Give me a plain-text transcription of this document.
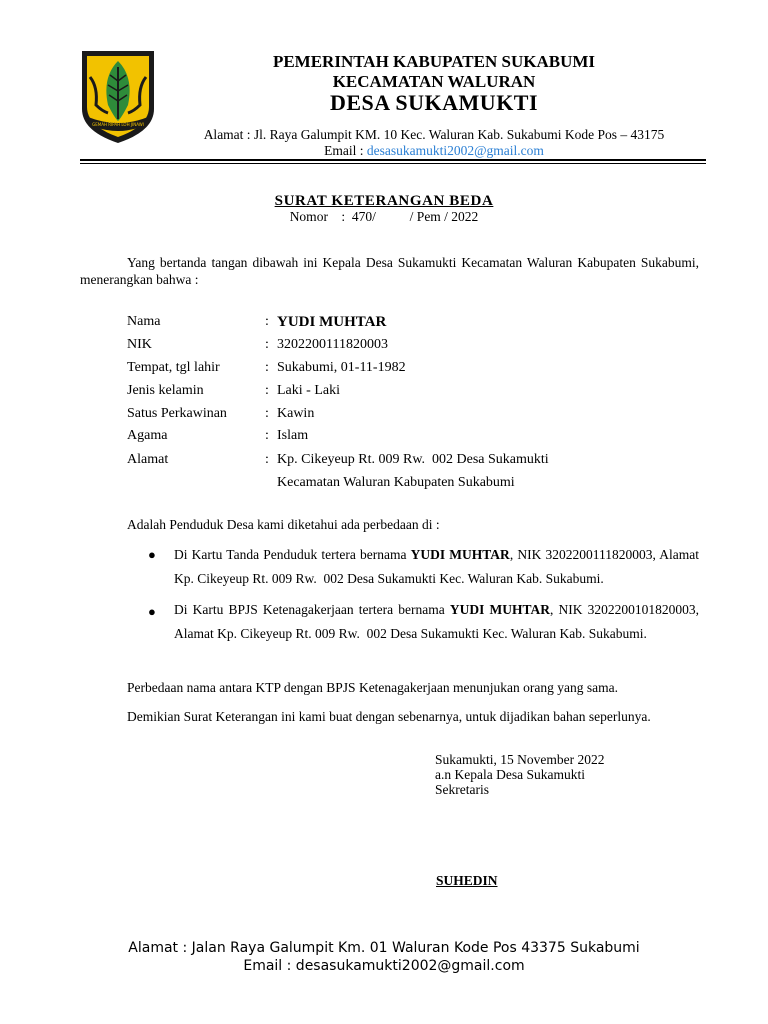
GEMAH RIPAH LOH JINAWI
PEMERINTAH KABUPATEN SUKABUMI
KECAMATAN WALURAN
DESA SUKAMUKTI
Alamat : Jl. Raya Galumpit KM. 10 Kec. Waluran Kab. Sukabumi Kode Pos – 43175
Email : desasukamukti2002@gmail.com
SURAT KETERANGAN BEDA
Nomor    :  470/          / Pem / 2022
Yang bertanda tangan dibawah ini Kepala Desa Sukamukti Kecamatan Waluran Kabupaten Sukabumi, menerangkan bahwa :
Nama	: YUDI MUHTAR
NIK	: 3202200111820003
Tempat, tgl lahir	: Sukabumi, 01-11-1982
Jenis kelamin	: Laki - Laki
Satus Perkawinan	: Kawin
Agama	: Islam
Alamat	: Kp. Cikeyeup Rt. 009 Rw.  002 Desa Sukamukti
Kecamatan Waluran Kabupaten Sukabumi
Adalah Penduduk Desa kami diketahui ada perbedaan di :
● Di Kartu Tanda Penduduk tertera bernama YUDI MUHTAR, NIK 3202200111820003, Alamat Kp. Cikeyeup Rt. 009 Rw.  002 Desa Sukamukti Kec. Waluran Kab. Sukabumi.
● Di Kartu BPJS Ketenagakerjaan tertera bernama YUDI MUHTAR, NIK 3202200101820003, Alamat Kp. Cikeyeup Rt. 009 Rw.  002 Desa Sukamukti Kec. Waluran Kab. Sukabumi.
Perbedaan nama antara KTP dengan BPJS Ketenagakerjaan menunjukan orang yang sama.
Demikian Surat Keterangan ini kami buat dengan sebenarnya, untuk dijadikan bahan seperlunya.
Sukamukti, 15 November 2022
a.n Kepala Desa Sukamukti
Sekretaris
SUHEDIN
Alamat : Jalan Raya Galumpit Km. 01 Waluran Kode Pos 43375 Sukabumi
Email : desasukamukti2002@gmail.com
